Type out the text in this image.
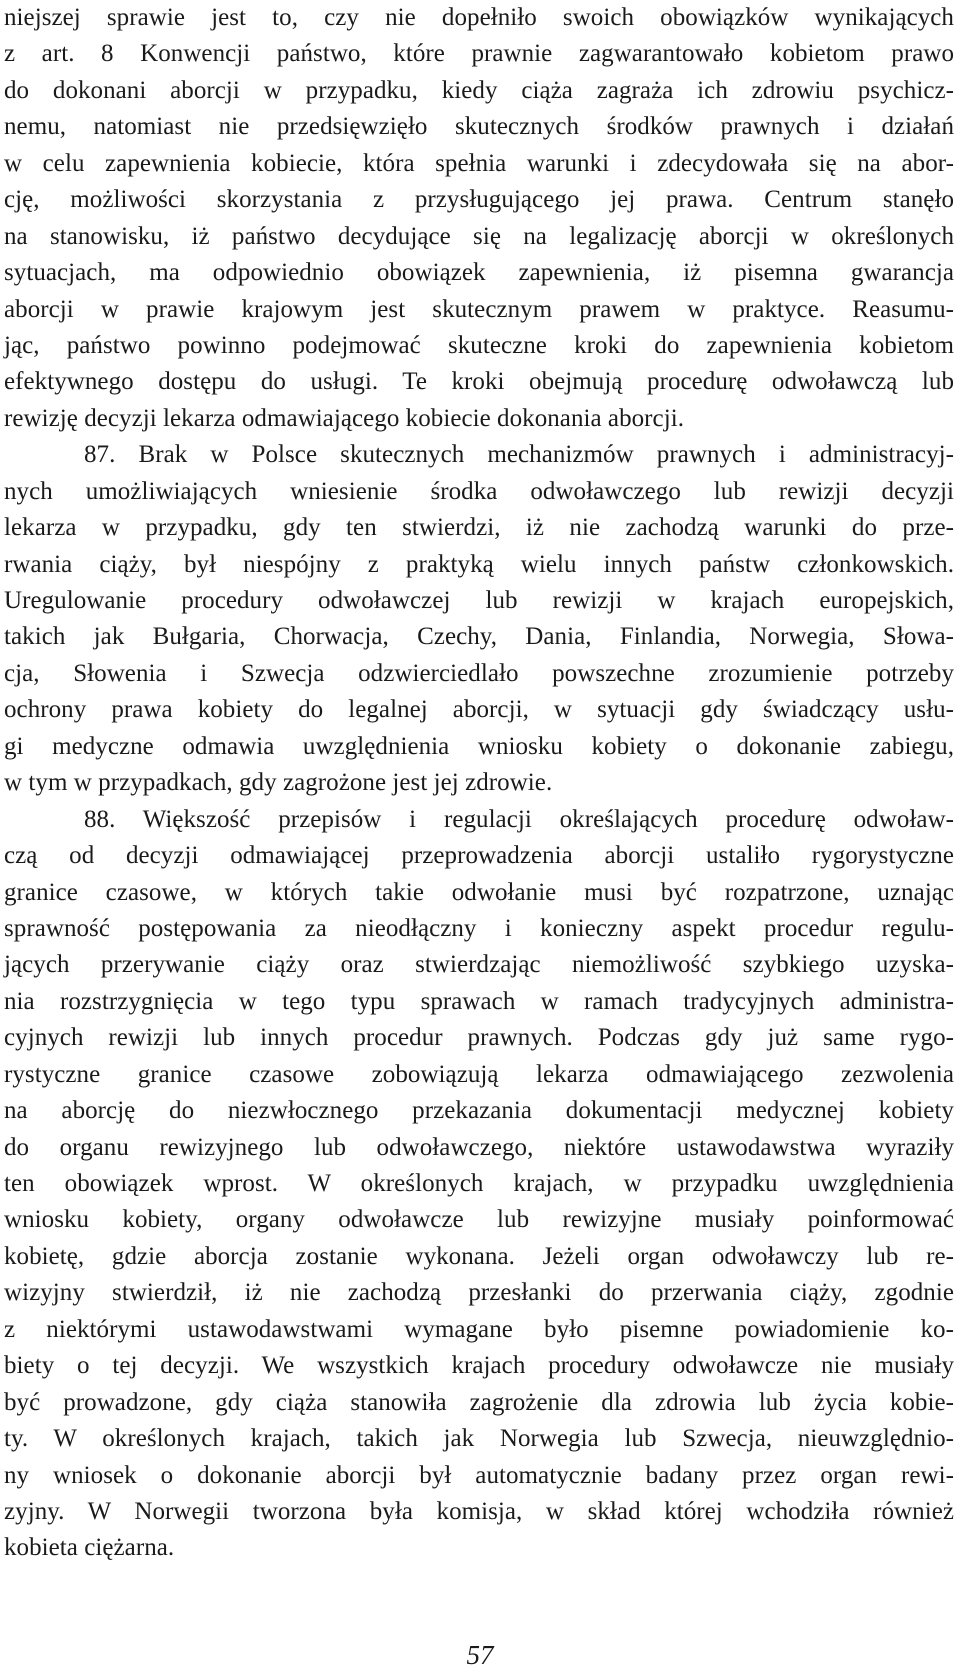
niejszej sprawie jest to, czy nie dopełniło swoich obowiązków wynikających
z art. 8 Konwencji państwo, które prawnie zagwarantowało kobietom prawo
do dokonani aborcji w przypadku, kiedy ciąża zagraża ich zdrowiu psychicz-
nemu, natomiast nie przedsięwzięło skutecznych środków prawnych i działań
w celu zapewnienia kobiecie, która spełnia warunki i zdecydowała się na abor-
cję, możliwości skorzystania z przysługującego jej prawa. Centrum stanęło
na stanowisku, iż państwo decydujące się na legalizację aborcji w określonych
sytuacjach, ma odpowiednio obowiązek zapewnienia, iż pisemna gwarancja
aborcji w prawie krajowym jest skutecznym prawem w praktyce. Reasumu-
jąc, państwo powinno podejmować skuteczne kroki do zapewnienia kobietom
efektywnego dostępu do usługi. Te kroki obejmują procedurę odwoławczą lub
rewizję decyzji lekarza odmawiającego kobiecie dokonania aborcji.
87. Brak w Polsce skutecznych mechanizmów prawnych i administracyj-
nych umożliwiających wniesienie środka odwoławczego lub rewizji decyzji
lekarza w przypadku, gdy ten stwierdzi, iż nie zachodzą warunki do prze-
rwania ciąży, był niespójny z praktyką wielu innych państw członkowskich.
Uregulowanie procedury odwoławczej lub rewizji w krajach europejskich,
takich jak Bułgaria, Chorwacja, Czechy, Dania, Finlandia, Norwegia, Słowa-
cja, Słowenia i Szwecja odzwierciedlało powszechne zrozumienie potrzeby
ochrony prawa kobiety do legalnej aborcji, w sytuacji gdy świadczący usłu-
gi medyczne odmawia uwzględnienia wniosku kobiety o dokonanie zabiegu,
w tym w przypadkach, gdy zagrożone jest jej zdrowie.
88. Większość przepisów i regulacji określających procedurę odwoław-
czą od decyzji odmawiającej przeprowadzenia aborcji ustaliło rygorystyczne
granice czasowe, w których takie odwołanie musi być rozpatrzone, uznając
sprawność postępowania za nieodłączny i konieczny aspekt procedur regulu-
jących przerywanie ciąży oraz stwierdzając niemożliwość szybkiego uzyska-
nia rozstrzygnięcia w tego typu sprawach w ramach tradycyjnych administra-
cyjnych rewizji lub innych procedur prawnych. Podczas gdy już same rygo-
rystyczne granice czasowe zobowiązują lekarza odmawiającego zezwolenia
na aborcję do niezwłocznego przekazania dokumentacji medycznej kobiety
do organu rewizyjnego lub odwoławczego, niektóre ustawodawstwa wyraziły
ten obowiązek wprost. W określonych krajach, w przypadku uwzględnienia
wniosku kobiety, organy odwoławcze lub rewizyjne musiały poinformować
kobietę, gdzie aborcja zostanie wykonana. Jeżeli organ odwoławczy lub re-
wizyjny stwierdził, iż nie zachodzą przesłanki do przerwania ciąży, zgodnie
z niektórymi ustawodawstwami wymagane było pisemne powiadomienie ko-
biety o tej decyzji. We wszystkich krajach procedury odwoławcze nie musiały
być prowadzone, gdy ciąża stanowiła zagrożenie dla zdrowia lub życia kobie-
ty. W określonych krajach, takich jak Norwegia lub Szwecja, nieuwzględnio-
ny wniosek o dokonanie aborcji był automatycznie badany przez organ rewi-
zyjny. W Norwegii tworzona była komisja, w skład której wchodziła również
kobieta ciężarna.
57
